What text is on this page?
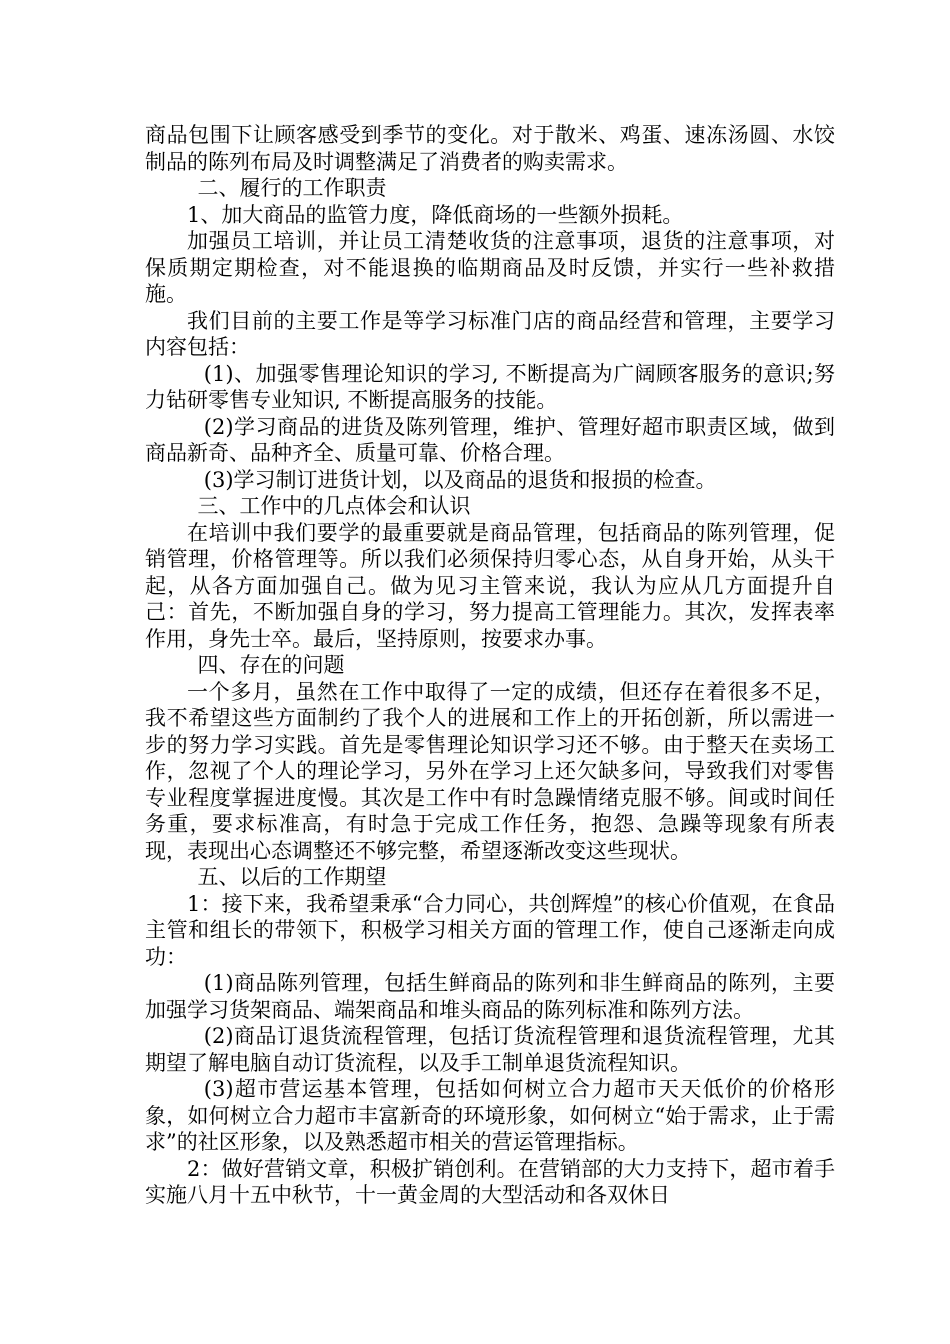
商品包围下让顾客感受到季节的变化。对于散米、鸡蛋、速冻汤圆、水饺制品的陈列布局及时调整满足了消费者的购卖需求。

二、履行的工作职责

1、加大商品的监管力度，降低商场的一些额外损耗。

加强员工培训，并让员工清楚收货的注意事项，退货的注意事项，对保质期定期检查，对不能退换的临期商品及时反馈，并实行一些补救措施。

我们目前的主要工作是等学习标准门店的商品经营和管理，主要学习内容包括：

(1)、加强零售理论知识的学习, 不断提高为广阔顾客服务的意识;努力钻研零售专业知识, 不断提高服务的技能。

(2)学习商品的进货及陈列管理，维护、管理好超市职责区域，做到商品新奇、品种齐全、质量可靠、价格合理。

(3)学习制订进货计划，以及商品的退货和报损的检查。

三、工作中的几点体会和认识

在培训中我们要学的最重要就是商品管理，包括商品的陈列管理，促销管理，价格管理等。所以我们必须保持归零心态，从自身开始，从头干起，从各方面加强自己。做为见习主管来说，我认为应从几方面提升自己：首先，不断加强自身的学习，努力提高工管理能力。其次，发挥表率作用，身先士卒。最后，坚持原则，按要求办事。

四、存在的问题

一个多月，虽然在工作中取得了一定的成绩，但还存在着很多不足，我不希望这些方面制约了我个人的进展和工作上的开拓创新，所以需进一步的努力学习实践。首先是零售理论知识学习还不够。由于整天在卖场工作，忽视了个人的理论学习，另外在学习上还欠缺多问，导致我们对零售专业程度掌握进度慢。其次是工作中有时急躁情绪克服不够。间或时间任务重，要求标准高，有时急于完成工作任务，抱怨、急躁等现象有所表现，表现出心态调整还不够完整，希望逐渐改变这些现状。

五、以后的工作期望

1：接下来，我希望秉承“合力同心，共创辉煌”的核心价值观，在食品主管和组长的带领下，积极学习相关方面的管理工作，使自己逐渐走向成功：

(1)商品陈列管理，包括生鲜商品的陈列和非生鲜商品的陈列，主要加强学习货架商品、端架商品和堆头商品的陈列标准和陈列方法。

(2)商品订退货流程管理，包括订货流程管理和退货流程管理，尤其期望了解电脑自动订货流程，以及手工制单退货流程知识。

(3)超市营运基本管理，包括如何树立合力超市天天低价的价格形象，如何树立合力超市丰富新奇的环境形象，如何树立“始于需求，止于需求”的社区形象，以及熟悉超市相关的营运管理指标。

2：做好营销文章，积极扩销创利。在营销部的大力支持下，超市着手实施八月十五中秋节，十一黄金周的大型活动和各双休日
